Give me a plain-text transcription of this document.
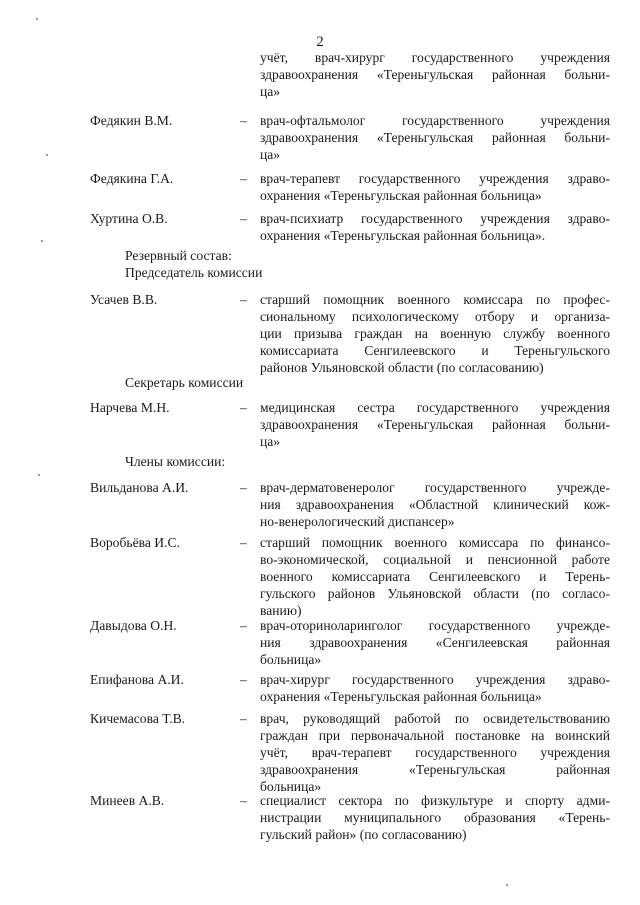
2
учёт, врач-хирург государственного учреждения
здравоохранения «Тереньгульская районная больни-
ца»
Федякин В.М.	– врач-офтальмолог государственного учреждения
здравоохранения «Тереньгульская районная больни-
ца»
Федякина Г.А.	– врач-терапевт государственного учреждения здраво-
охранения «Тереньгульская районная больница»
Хуртина О.В.	– врач-психиатр государственного учреждения здраво-
охранения «Тереньгульская районная больница».
Резервный состав:
Председатель комиссии
Усачев В.В.	– старший помощник военного комиссара по профес-
сиональному психологическому отбору и организа-
ции призыва граждан на военную службу военного
комиссариата Сенгилеевского и Тереньгульского
районов Ульяновской области (по согласованию)
Секретарь комиссии
Нарчева М.Н.	– медицинская сестра государственного учреждения
здравоохранения «Тереньгульская районная больни-
ца»
Члены комиссии:
Вильданова А.И.	– врач-дерматовенеролог государственного учрежде-
ния здравоохранения «Областной клинический кож-
но-венерологический диспансер»
Воробьёва И.С.	– старший помощник военного комиссара по финансо-
во-экономической, социальной и пенсионной работе
военного комиссариата Сенгилеевского и Терень-
гульского районов Ульяновской области (по согласо-
ванию)
Давыдова О.Н.	– врач-оториноларинголог государственного учрежде-
ния здравоохранения «Сенгилеевская районная
больница»
Епифанова А.И.	– врач-хирург государственного учреждения здраво-
охранения «Тереньгульская районная больница»
Кичемасова Т.В.	– врач, руководящий работой по освидетельствованию
граждан при первоначальной постановке на воинский
учёт, врач-терапевт государственного учреждения
здравоохранения «Тереньгульская районная
больница»
Минеев А.В.	– специалист сектора по физкультуре и спорту адми-
нистрации муниципального образования «Терень-
гульский район» (по согласованию)
